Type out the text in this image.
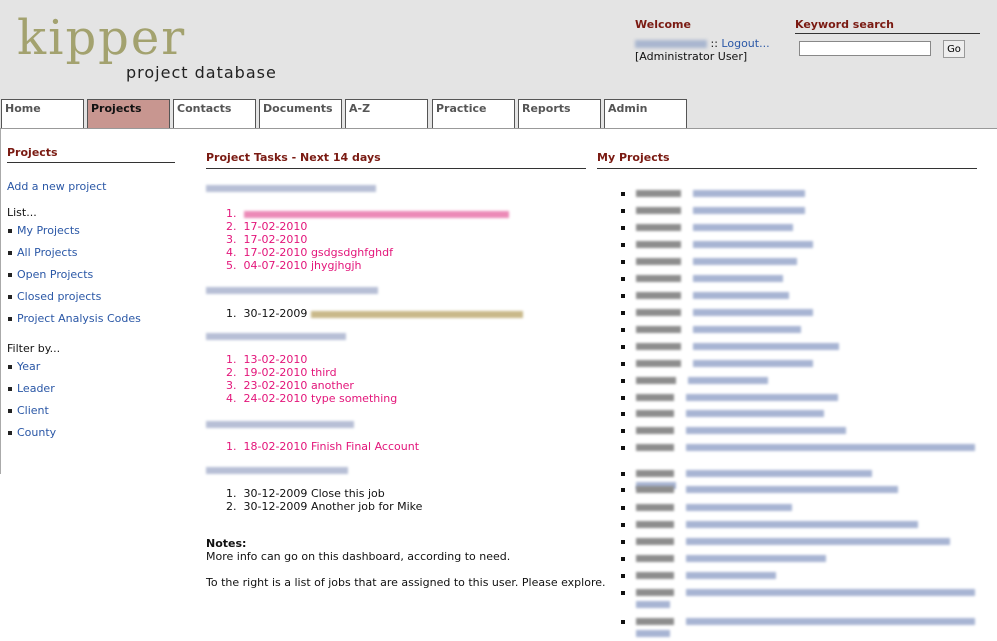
kipper
project database
Welcome
:: Logout...
[Administrator User]
Keyword search
Go
Home	Projects	Contacts	Documents	A-Z	Practice	Reports	Admin
Projects
Add a new project
List...
My Projects
All Projects
Open Projects
Closed projects
Project Analysis Codes
Filter by...
Year
Leader
Client
County
Project Tasks - Next 14 days
1.
2. 17-02-2010
3. 17-02-2010
4. 17-02-2010 gsdgsdghfghdf
5. 04-07-2010 jhygjhgjh
1. 30-12-2009
1. 13-02-2010
2. 19-02-2010 third
3. 23-02-2010 another
4. 24-02-2010 type something
1. 18-02-2010 Finish Final Account
1. 30-12-2009 Close this job
2. 30-12-2009 Another job for Mike
Notes:
More info can go on this dashboard, according to need.
To the right is a list of jobs that are assigned to this user. Please explore.
My Projects
